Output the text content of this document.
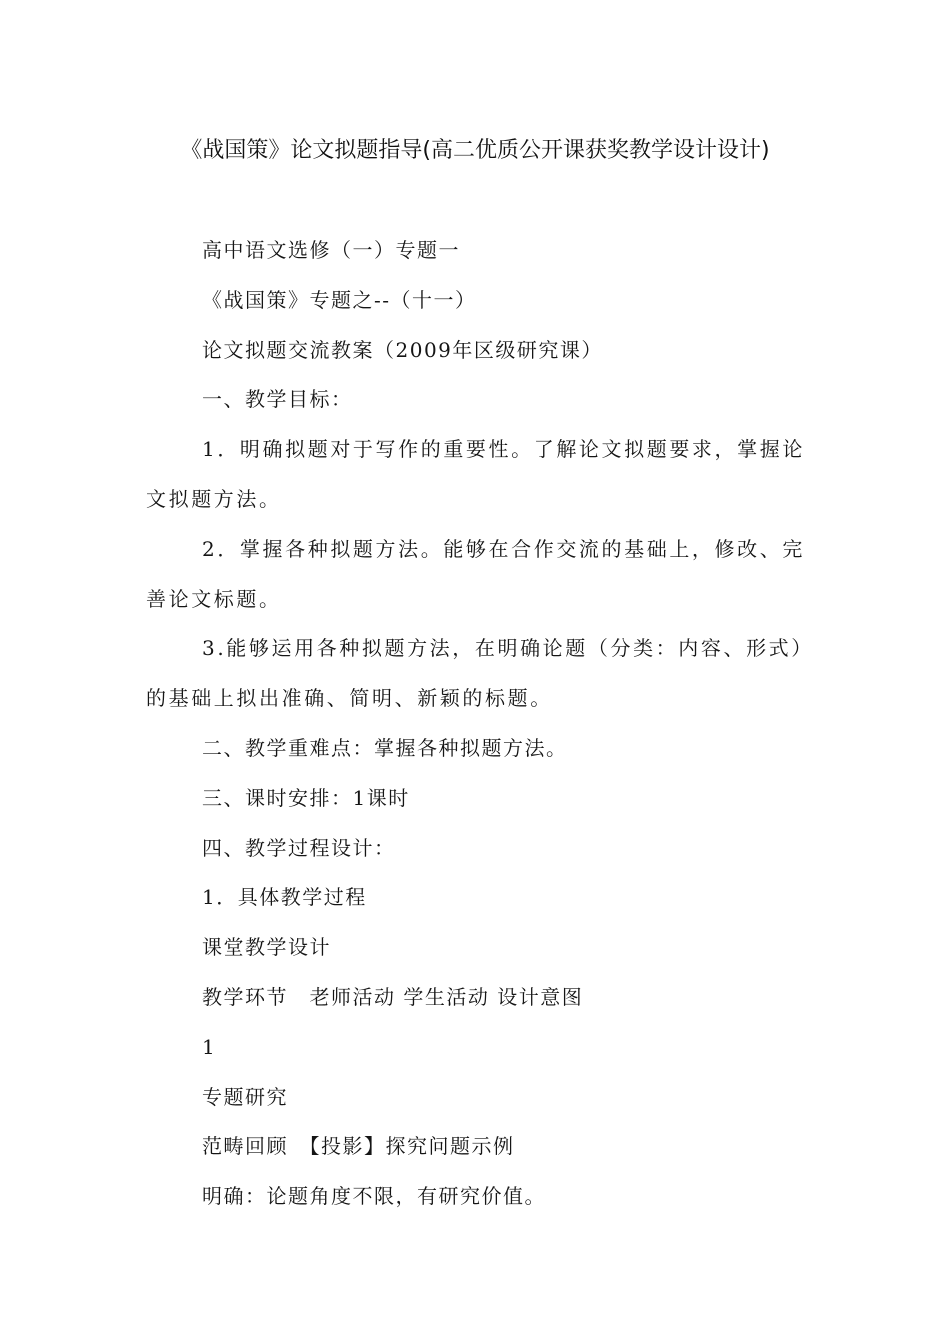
《战国策》论文拟题指导(高二优质公开课获奖教学设计设计)

高中语文选修（一）专题一

《战国策》专题之--（十一）

论文拟题交流教案（2009年区级研究课）

一、教学目标：

1．明确拟题对于写作的重要性。了解论文拟题要求，掌握论文拟题方法。

2．掌握各种拟题方法。能够在合作交流的基础上，修改、完善论文标题。

3.能够运用各种拟题方法，在明确论题（分类：内容、形式）的基础上拟出准确、简明、新颖的标题。

二、教学重难点：掌握各种拟题方法。

三、课时安排：1课时

四、教学过程设计：

1．具体教学过程

课堂教学设计

教学环节　老师活动 学生活动 设计意图

1

专题研究

范畴回顾　【投影】探究问题示例

明确：论题角度不限，有研究价值。
